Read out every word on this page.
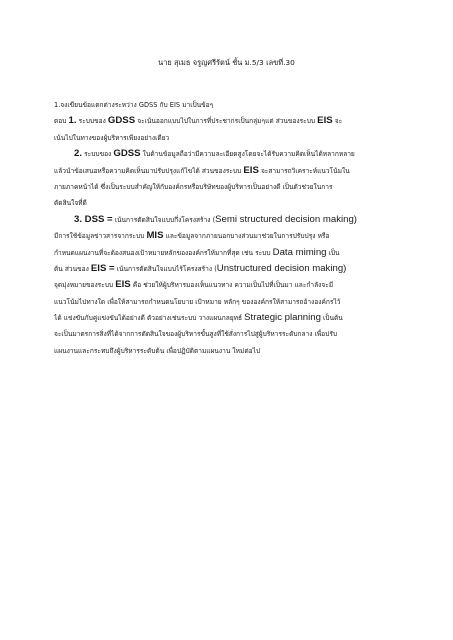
นาย สุเมธ จรูญศรีรัตน์ ชั้น ม.5/3 เลขที่.30
1.จงเขียนข้อแตกต่างระหว่าง GDSS กับ EIS มาเป็นข้อๆ
ตอบ 1. ระบบของ GDSS จะเน้นออกแบบไปในการที่ประชากรเป็นกลุ่มๆแต่ ส่วนของระบบ EIS จะ
เน้นไปในทางของผู้บริหารเพียงอย่างเดียว
2. ระบบของ GDSS ในด้านข้อมูลถือว่ามีความละเอียดสูงโดยจะได้รับความคิดเห็นได้หลากหลาย
แล้วนำข้อเสนอหรือความคิดเห็นมาปรับปรุงแก้ไขได้ ส่วนของระบบ EIS จะสามารถวิเคราะห์แนวโน้มใน
ภายภาคหน้าได้ ซึ่งเป็นระบบสำคัญให้กับองค์กรหรือบริษัทของผู้บริหารเป็นอย่างดี เป็นตัวช่วยในการ
ตัดสินใจที่ดี
3. DSS = เน้นการตัดสินใจแบบกึ่งโครงสร้าง (Semi structured decision making)
มีการใช้ข้อมูลข่าวสารจากระบบ MIS และข้อมูลจากภายนอกบางส่วนมาช่วยในการปรับปรุง หรือ
กำหนดแผนงานที่จะต้องสนองเป้าหมายหลักขององค์กรให้มากที่สุด เช่น ระบบ Data miming เป็น
ต้น ส่วนของ EIS = เน้นการตัดสินใจแบบไร้โครงสร้าง (Unstructured decision making)
จุดมุ่งหมายของระบบ EIS คือ ช่วยให้ผู้บริหารมองเห็นแนวทาง ความเป็นไปที่เป็นมา และกำลังจะมี
แนวโน้มไปทางใด เพื่อให้สามารถกำหนดนโยบาย เป้าหมาย หลักๆ ขององค์กรให้สามารถอ้างองค์กรไว้
ได้ แข่งขันกับคู่แข่งขันได้อย่างดี ตัวอย่างเช่นระบบ วางแผนกลยุทธ์ Strategic planning เป็นต้น
จะเป็นมาตรการสิ่งที่ได้จากการตัดสินใจของผู้บริหารขั้นสูงที่ใช้สั่งการไปสู่ผู้บริหารระดับกลาง เพื่อปรับ
แผนงานและกระทบถึงผู้บริหารระดับต้น เพื่อปฏิบัติตามแผนงาน ใหม่ต่อไป
